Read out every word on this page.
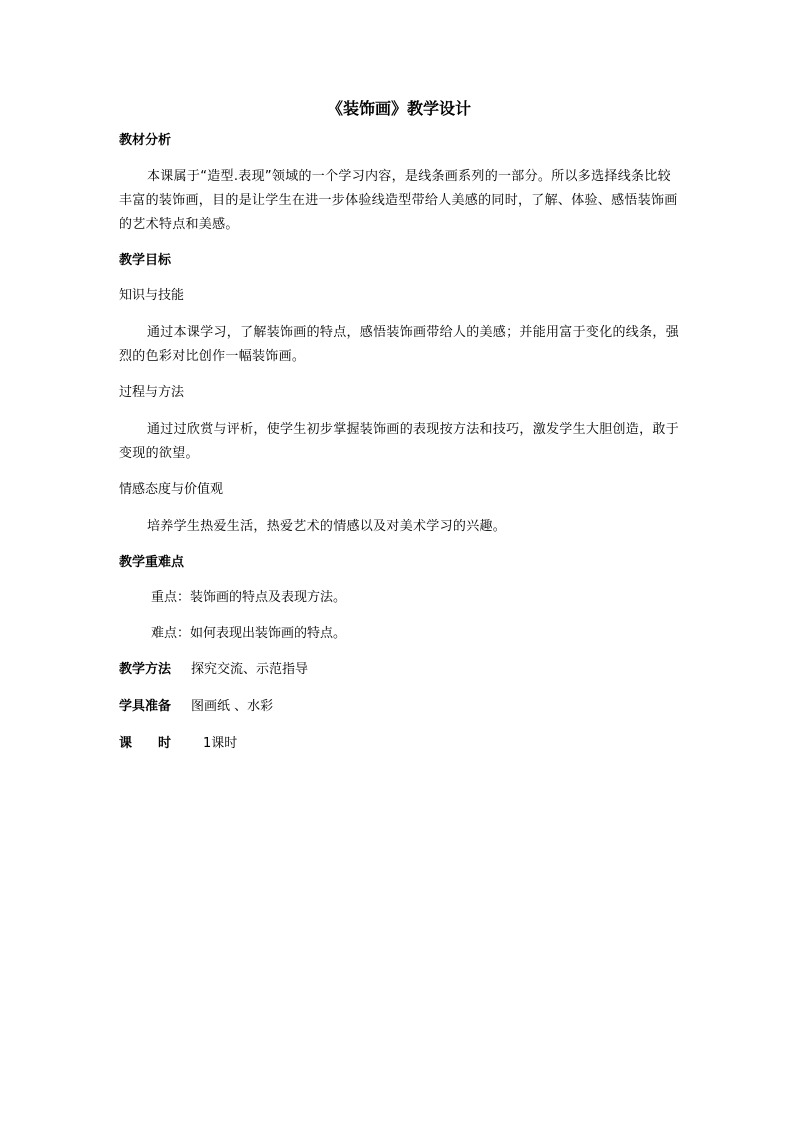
《装饰画》教学设计
教材分析
本课属于“造型.表现”领域的一个学习内容，是线条画系列的一部分。所以多选择线条比较丰富的装饰画，目的是让学生在进一步体验线造型带给人美感的同时，了解、体验、感悟装饰画的艺术特点和美感。
教学目标
知识与技能
通过本课学习，了解装饰画的特点，感悟装饰画带给人的美感；并能用富于变化的线条，强烈的色彩对比创作一幅装饰画。
过程与方法
通过过欣赏与评析，使学生初步掌握装饰画的表现按方法和技巧，激发学生大胆创造，敢于变现的欲望。
情感态度与价值观
培养学生热爱生活，热爱艺术的情感以及对美术学习的兴趣。
教学重难点
重点：装饰画的特点及表现方法。
难点：如何表现出装饰画的特点。
教学方法	探究交流、示范指导
学具准备	图画纸 、水彩
课时 1课时
